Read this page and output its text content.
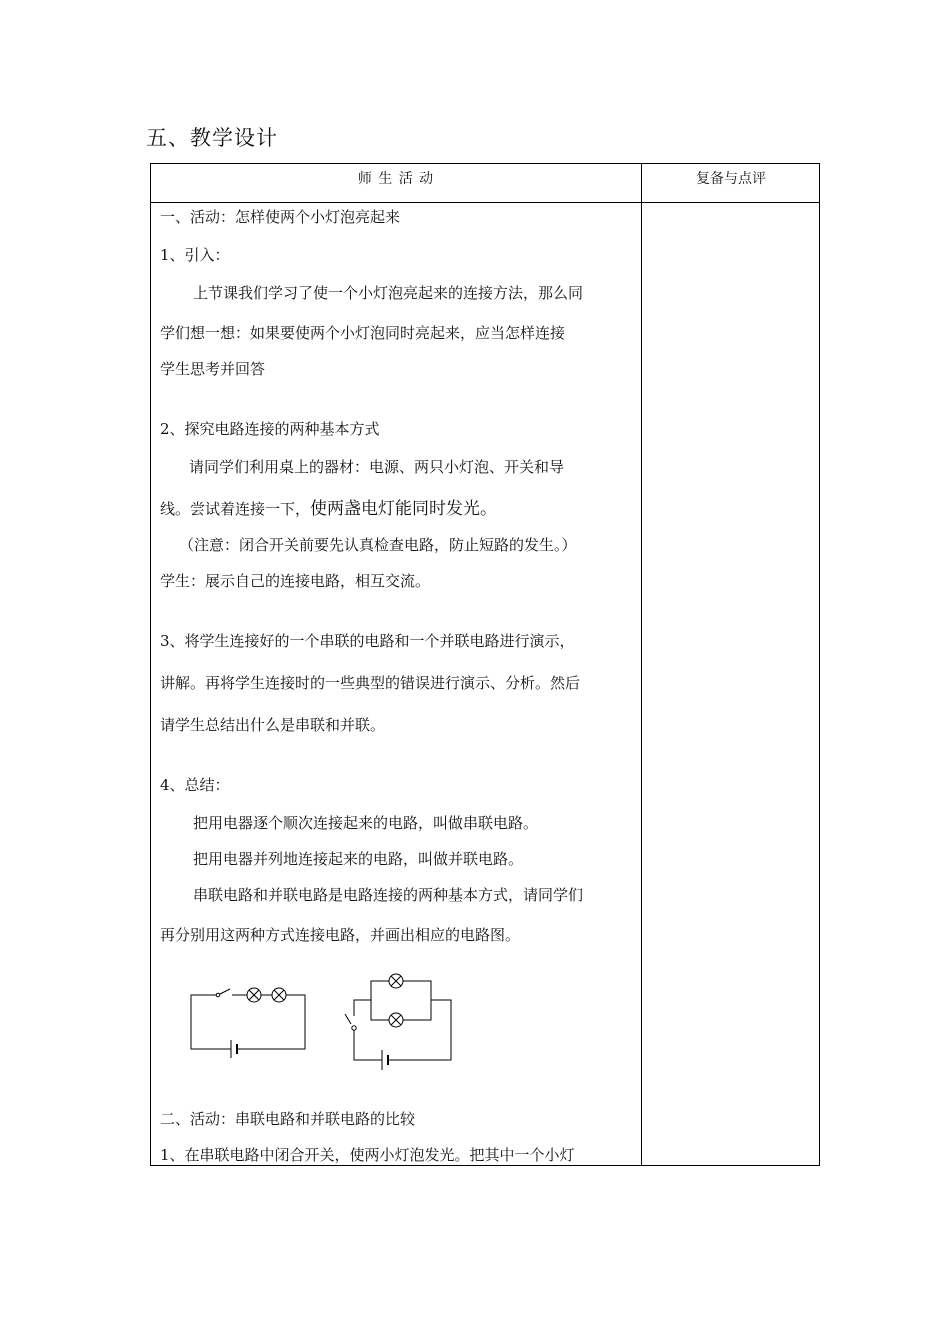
五、教学设计
师 生 活 动	复备与点评
一、活动：怎样使两个小灯泡亮起来
1、引入：
上节课我们学习了使一个小灯泡亮起来的连接方法，那么同
学们想一想：如果要使两个小灯泡同时亮起来，应当怎样连接
学生思考并回答
2、探究电路连接的两种基本方式
请同学们利用桌上的器材：电源、两只小灯泡、开关和导
线。尝试着连接一下，使两盏电灯能同时发光。
（注意：闭合开关前要先认真检查电路，防止短路的发生。）
学生：展示自己的连接电路，相互交流。
3、将学生连接好的一个串联的电路和一个并联电路进行演示，
讲解。再将学生连接时的一些典型的错误进行演示、分析。然后
请学生总结出什么是串联和并联。
4、总结：
把用电器逐个顺次连接起来的电路，叫做串联电路。
把用电器并列地连接起来的电路，叫做并联电路。
串联电路和并联电路是电路连接的两种基本方式，请同学们
再分别用这两种方式连接电路，并画出相应的电路图。
二、活动：串联电路和并联电路的比较
1、在串联电路中闭合开关，使两小灯泡发光。把其中一个小灯
